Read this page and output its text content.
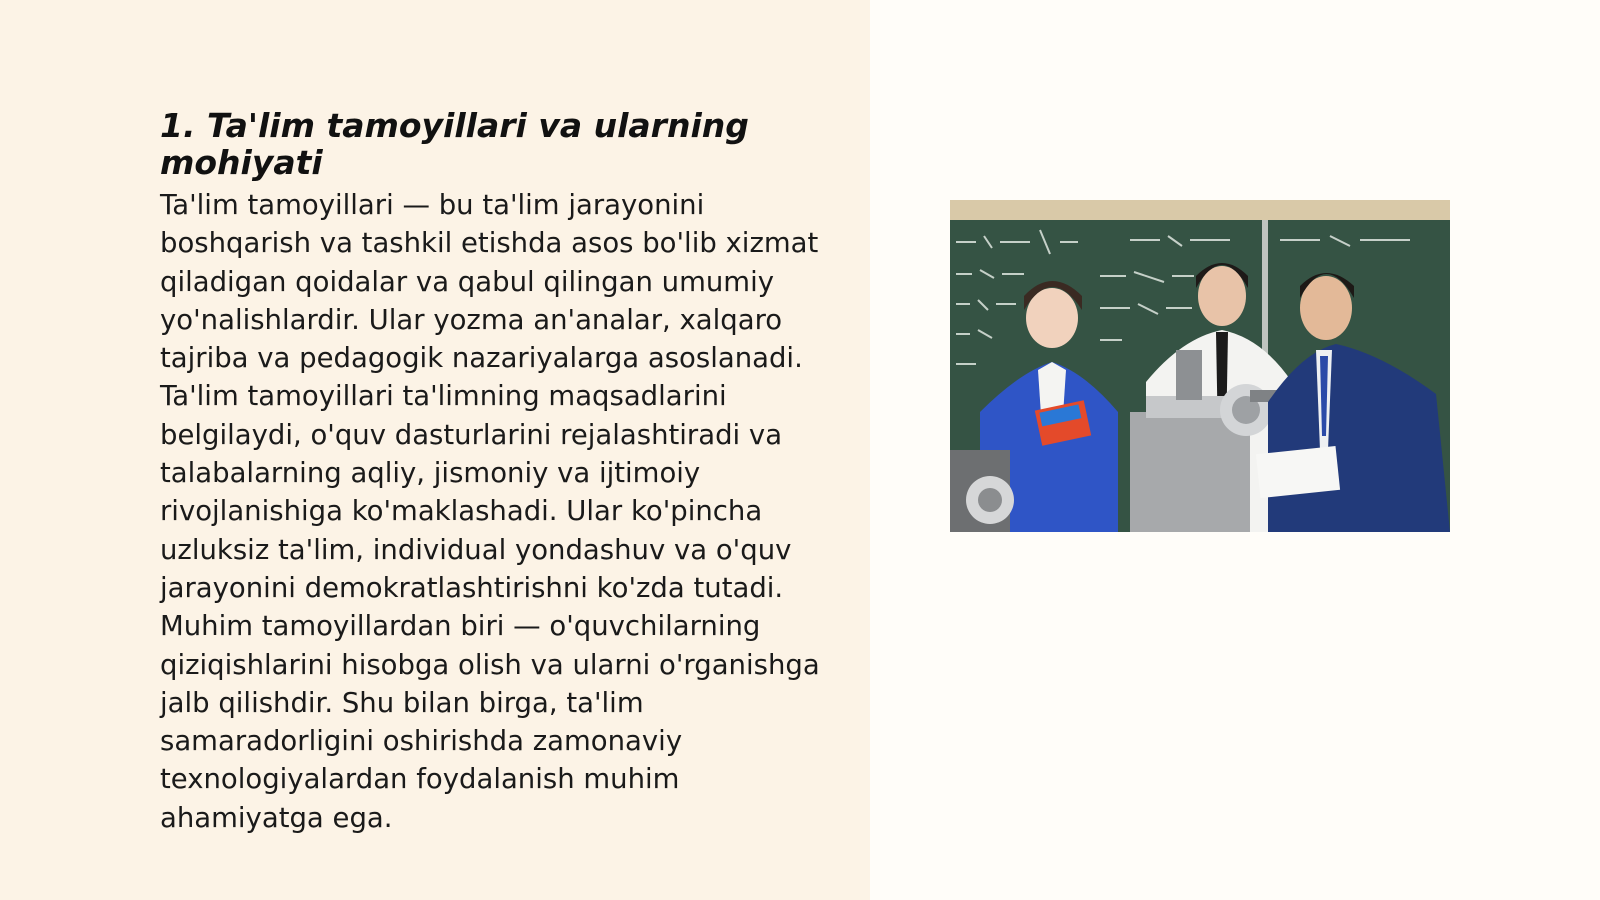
1. Ta'lim tamoyillari va ularning mohiyati

Ta'lim tamoyillari — bu ta'lim jarayonini boshqarish va tashkil etishda asos bo'lib xizmat qiladigan qoidalar va qabul qilingan umumiy yo'nalishlardir. Ular yozma an'analar, xalqaro tajriba va pedagogik nazariyalarga asoslanadi. Ta'lim tamoyillari ta'limning maqsadlarini belgilaydi, o'quv dasturlarini rejalashtiradi va talabalarning aqliy, jismoniy va ijtimoiy rivojlanishiga ko'maklashadi. Ular ko'pincha uzluksiz ta'lim, individual yondashuv va o'quv jarayonini demokratlashtirishni ko'zda tutadi. Muhim tamoyillardan biri — o'quvchilarning qiziqishlarini hisobga olish va ularni o'rganishga jalb qilishdir. Shu bilan birga, ta'lim samaradorligini oshirishda zamonaviy texnologiyalardan foydalanish muhim ahamiyatga ega.
